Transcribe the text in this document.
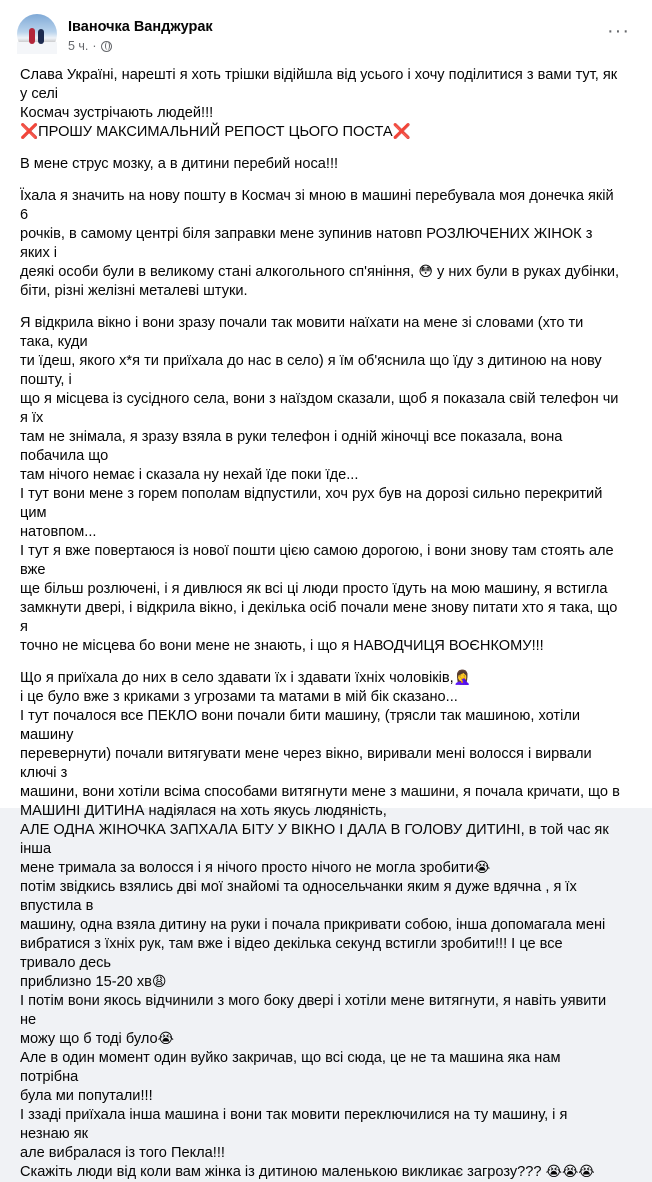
Іваночка Ванджурак
5 ч. ·
···

Слава Україні, нарешті я хоть трішки відійшла від усього і хочу поділитися з вами тут, як у селі
Космач зустрічають людей!!!
❌ПРОШУ МАКСИМАЛЬНИЙ РЕПОСТ ЦЬОГО ПОСТА❌

В мене струс мозку, а в дитини перебий носа!!!

Їхала я значить на нову пошту в Космач зі мною в машині перебувала моя донечка якій 6
рочків, в самому центрі біля заправки мене зупинив натовп РОЗЛЮЧЕНИХ ЖІНОК з яких і
деякі особи були в великому стані алкогольного сп'яніння, 😳 у них були в руках дубінки,
біти, різні желізні металеві штуки.

Я відкрила вікно і вони зразу почали так мовити наїхати на мене зі словами (хто ти така, куди
ти їдеш, якого х*я ти приїхала до нас в село) я їм об'яснила що їду з дитиною на нову пошту, і
що я місцева із сусідного села, вони з наїздом сказали, щоб я показала свій телефон чи я їх
там не знімала, я зразу взяла в руки телефон і одній жіночці все показала, вона побачила що
там нічого немає і сказала ну нехай їде поки їде...
І тут вони мене з горем пополам відпустили, хоч рух був на дорозі сильно перекритий цим
натовпом...
І тут я вже повертаюся із нової пошти цією самою дорогою, і вони знову там стоять але вже
ще більш розлючені, і я дивлюся як всі ці люди просто їдуть на мою машину, я встигла
замкнути двері, і відкрила вікно, і декілька осіб почали мене знову питати хто я така, що я
точно не місцева бо вони мене не знають, і що я НАВОДЧИЦЯ ВОЄНКОМУ!!!

Що я приїхала до них в село здавати їх і здавати їхніх чоловіків,🤦‍♀️
і це було вже з криками з угрозами та матами в мій бік сказано...
І тут почалося все ПЕКЛО вони почали бити машину, (трясли так машиною, хотіли машину
перевернути) почали витягувати мене через вікно, виривали мені волосся і вирвали ключі з
машини, вони хотіли всіма способами витягнути мене з машини, я почала кричати, що в
МАШИНІ ДИТИНА надіялася на хоть якусь людяність,
АЛЕ ОДНА ЖІНОЧКА ЗАПХАЛА БІТУ У ВІКНО І ДАЛА В ГОЛОВУ ДИТИНІ, в той час як інша
мене тримала за волосся і я нічого просто нічого не могла зробити😭
потім звідкись взялись дві мої знайомі та односельчанки яким я дуже вдячна , я їх впустила в
машину, одна взяла дитину на руки і почала прикривати собою, інша допомагала мені
вибратися з їхніх рук, там вже і відео декілька секунд встигли зробити!!! І це все тривало десь
приблизно 15-20 хв😩
І потім вони якось відчинили з мого боку двері і хотіли мене витягнути, я навіть уявити не
можу що б тоді було😭
Але в один момент один вуйко закричав, що всі сюда, це не та машина яка нам потрібна
була ми попутали!!!
І ззаді приїхала інша машина і вони так мовити переключилися на ту машину, і я незнаю як
але вибралася із того Пекла!!!
Скажіть люди від коли вам жінка із дитиною маленькою викликає загрозу??? 😭😭😭
